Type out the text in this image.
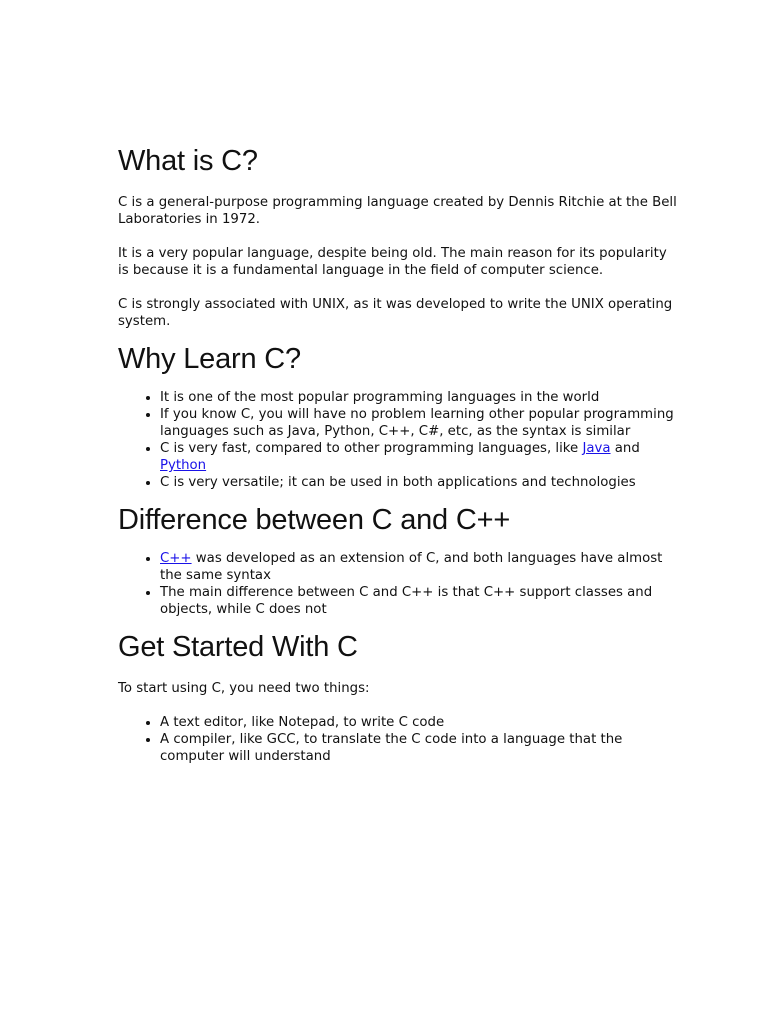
What is C?

C is a general-purpose programming language created by Dennis Ritchie at the Bell Laboratories in 1972.

It is a very popular language, despite being old. The main reason for its popularity is because it is a fundamental language in the field of computer science.

C is strongly associated with UNIX, as it was developed to write the UNIX operating system.

Why Learn C?
• It is one of the most popular programming languages in the world
• If you know C, you will have no problem learning other popular programming languages such as Java, Python, C++, C#, etc, as the syntax is similar
• C is very fast, compared to other programming languages, like Java and Python
• C is very versatile; it can be used in both applications and technologies
Difference between C and C++
• C++ was developed as an extension of C, and both languages have almost the same syntax
• The main difference between C and C++ is that C++ support classes and objects, while C does not
Get Started With C

To start using C, you need two things:

• A text editor, like Notepad, to write C code
• A compiler, like GCC, to translate the C code into a language that the computer will understand
